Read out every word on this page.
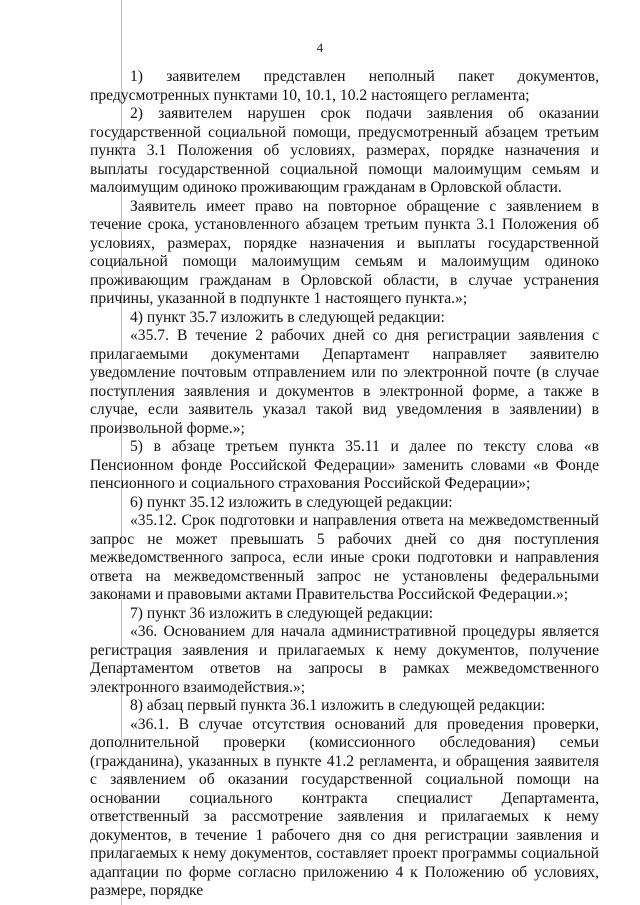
4

1) заявителем представлен неполный пакет документов, предусмотренных пунктами 10, 10.1, 10.2 настоящего регламента;

2) заявителем нарушен срок подачи заявления об оказании государственной социальной помощи, предусмотренный абзацем третьим пункта 3.1 Положения об условиях, размерах, порядке назначения и выплаты государственной социальной помощи малоимущим семьям и малоимущим одиноко проживающим гражданам в Орловской области.

Заявитель имеет право на повторное обращение с заявлением в течение срока, установленного абзацем третьим пункта 3.1 Положения об условиях, размерах, порядке назначения и выплаты государственной социальной помощи малоимущим семьям и малоимущим одиноко проживающим гражданам в Орловской области, в случае устранения причины, указанной в подпункте 1 настоящего пункта.»;

4) пункт 35.7 изложить в следующей редакции:

«35.7. В течение 2 рабочих дней со дня регистрации заявления с прилагаемыми документами Департамент направляет заявителю уведомление почтовым отправлением или по электронной почте (в случае поступления заявления и документов в электронной форме, а также в случае, если заявитель указал такой вид уведомления в заявлении) в произвольной форме.»;

5) в абзаце третьем пункта 35.11 и далее по тексту слова «в Пенсионном фонде Российской Федерации» заменить словами «в Фонде пенсионного и социального страхования Российской Федерации»;

6) пункт 35.12 изложить в следующей редакции:

«35.12. Срок подготовки и направления ответа на межведомственный запрос не может превышать 5 рабочих дней со дня поступления межведомственного запроса, если иные сроки подготовки и направления ответа на межведомственный запрос не установлены федеральными законами и правовыми актами Правительства Российской Федерации.»;

7) пункт 36 изложить в следующей редакции:

«36. Основанием для начала административной процедуры является регистрация заявления и прилагаемых к нему документов, получение Департаментом ответов на запросы в рамках межведомственного электронного взаимодействия.»;

8) абзац первый пункта 36.1 изложить в следующей редакции:

«36.1. В случае отсутствия оснований для проведения проверки, дополнительной проверки (комиссионного обследования) семьи (гражданина), указанных в пункте 41.2 регламента, и обращения заявителя с заявлением об оказании государственной социальной помощи на основании социального контракта специалист Департамента, ответственный за рассмотрение заявления и прилагаемых к нему документов, в течение 1 рабочего дня со дня регистрации заявления и прилагаемых к нему документов, составляет проект программы социальной адаптации по форме согласно приложению 4 к Положению об условиях, размере, порядке
